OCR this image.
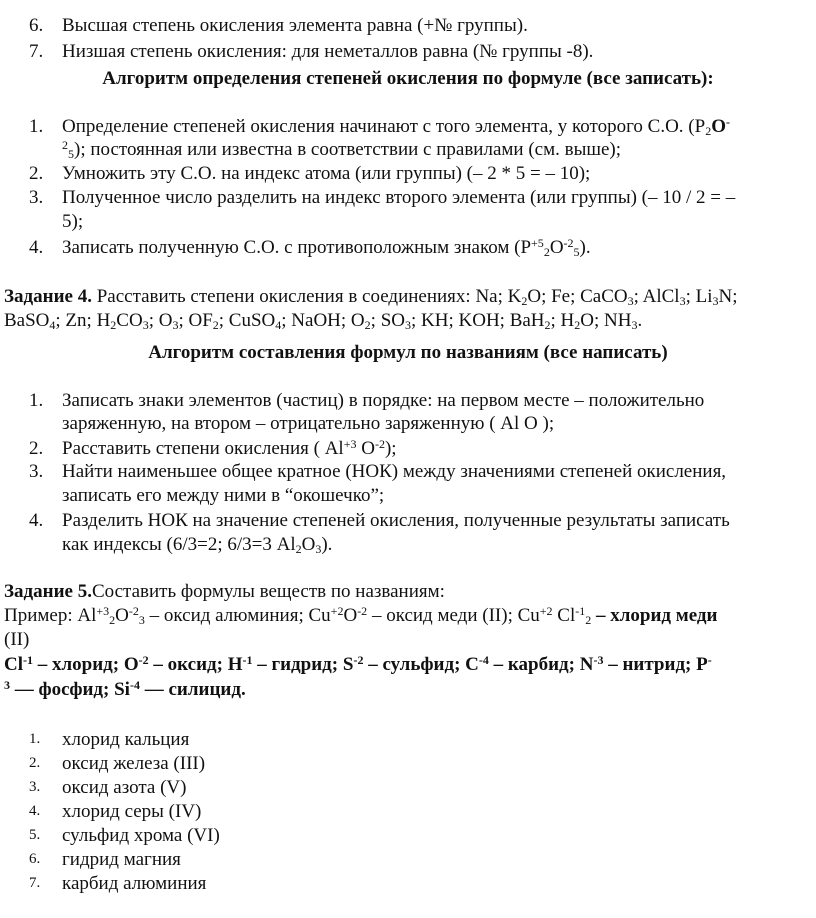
6. Высшая степень окисления элемента равна (+№ группы).
7. Низшая степень окисления: для неметаллов равна (№ группы -8).
Алгоритм определения степеней окисления по формуле (все записать):
1. Определение степеней окисления начинают с того элемента, у которого С.О. ($P_2O^-$
$^2_5$); постоянная или известна в соответствии с правилами (см. выше);
2. Умножить эту С.О. на индекс атома (или группы) (– 2 * 5 = – 10);
3. Полученное число разделить на индекс второго элемента (или группы) (– 10 / 2 = –
5);
4. Записать полученную С.О. с противоположным знаком $(P^{+5}_2O^{-2}_5)$.
Задание 4. Расставить степени окисления в соединениях: Na; $K_2O$; Fe; CaCO$_3$; AlCl$_3$; $Li_3N$;
BaSO$_4$; Zn; $H_2CO_3$; $O_3$; $OF_2$; CuSO$_4$; NaOH; $O_2$; $SO_3$; KH; KOH; BaH$_2$; $H_2O$; $NH_3$.
Алгоритм составления формул по названиям (все написать)
1. Записать знаки элементов (частиц) в порядке: на первом месте – положительно
заряженную, на втором – отрицательно заряженную ( Al O );
2. Расставить степени окисления ( $Al^{+3}$ $O^{-2}$);
3. Найти наименьшее общее кратное (НОК) между значениями степеней окисления,
записать его между ними в “окошечко”;
4. Разделить НОК на значение степеней окисления, полученные результаты записать
как индексы (6/3=2; 6/3=3 $Al_2O_3$).
Задание 5.Составить формулы веществ по названиям:
Пример: $Al^{+3}_2O^{-2}_3$ – оксид алюминия; $Cu^{+2}O^{-2}$ – оксид меди (II); $Cu^{+2}$ $Cl^{-1}_2$ – хлорид меди
(II)
$Cl^{-1}$ – хлорид; $O^{-2}$ – оксид; $H^{-1}$ – гидрид; $S^{-2}$ – сульфид; $C^{-4}$ – карбид; $N^{-3}$ – нитрид; P-
$^3$ –– фосфид; $Si^{-4}$ –– силицид.
1.	хлорид кальция
2.	оксид железа (III)
3.	оксид азота (V)
4.	хлорид серы (IV)
5.	сульфид хрома (VI)
6.	гидрид магния
7.	карбид алюминия
